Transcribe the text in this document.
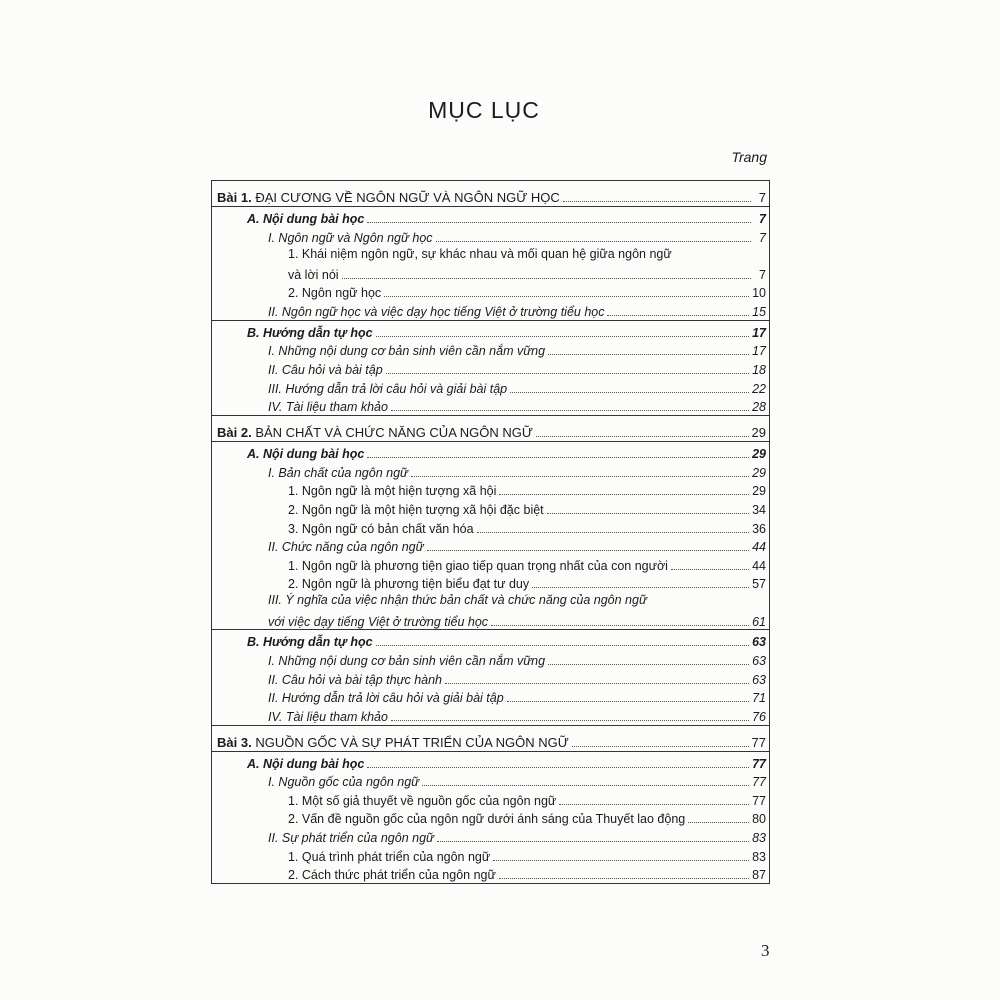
MỤC LỤC
Trang
Bài 1. ĐẠI CƯƠNG VỀ NGÔN NGỮ VÀ NGÔN NGỮ HỌC	7
A. Nội dung bài học	7
I. Ngôn ngữ và Ngôn ngữ học	7
1. Khái niệm ngôn ngữ, sự khác nhau và mối quan hệ giữa ngôn ngữ
và lời nói	7
2. Ngôn ngữ học	10
II. Ngôn ngữ học và việc dạy học tiếng Việt ở trường tiểu học	15
B. Hướng dẫn tự học	17
I. Những nội dung cơ bản sinh viên cần nắm vững	17
II. Câu hỏi và bài tập	18
III. Hướng dẫn trả lời câu hỏi và giải bài tập	22
IV. Tài liệu tham khảo	28
Bài 2. BẢN CHẤT VÀ CHỨC NĂNG CỦA NGÔN NGỮ	29
A. Nội dung bài học	29
I. Bản chất của ngôn ngữ	29
1. Ngôn ngữ là một hiện tượng xã hội	29
2. Ngôn ngữ là một hiện tượng xã hội đặc biệt	34
3. Ngôn ngữ có bản chất văn hóa	36
II. Chức năng của ngôn ngữ	44
1. Ngôn ngữ là phương tiện giao tiếp quan trọng nhất của con người	44
2. Ngôn ngữ là phương tiện biểu đạt tư duy	57
III. Ý nghĩa của việc nhận thức bản chất và chức năng của ngôn ngữ
với việc dạy tiếng Việt ở trường tiểu học	61
B. Hướng dẫn tự học	63
I. Những nội dung cơ bản sinh viên cần nắm vững	63
II. Câu hỏi và bài tập thực hành	63
II. Hướng dẫn trả lời câu hỏi và giải bài tập	71
IV. Tài liệu tham khảo	76
Bài 3. NGUỒN GỐC VÀ SỰ PHÁT TRIỂN CỦA NGÔN NGỮ	77
A. Nội dung bài học	77
I. Nguồn gốc của ngôn ngữ	77
1. Một số giả thuyết về nguồn gốc của ngôn ngữ	77
2. Vấn đề nguồn gốc của ngôn ngữ dưới ánh sáng của Thuyết lao động	80
II. Sự phát triển của ngôn ngữ	83
1. Quá trình phát triển của ngôn ngữ	83
2. Cách thức phát triển của ngôn ngữ	87
3
